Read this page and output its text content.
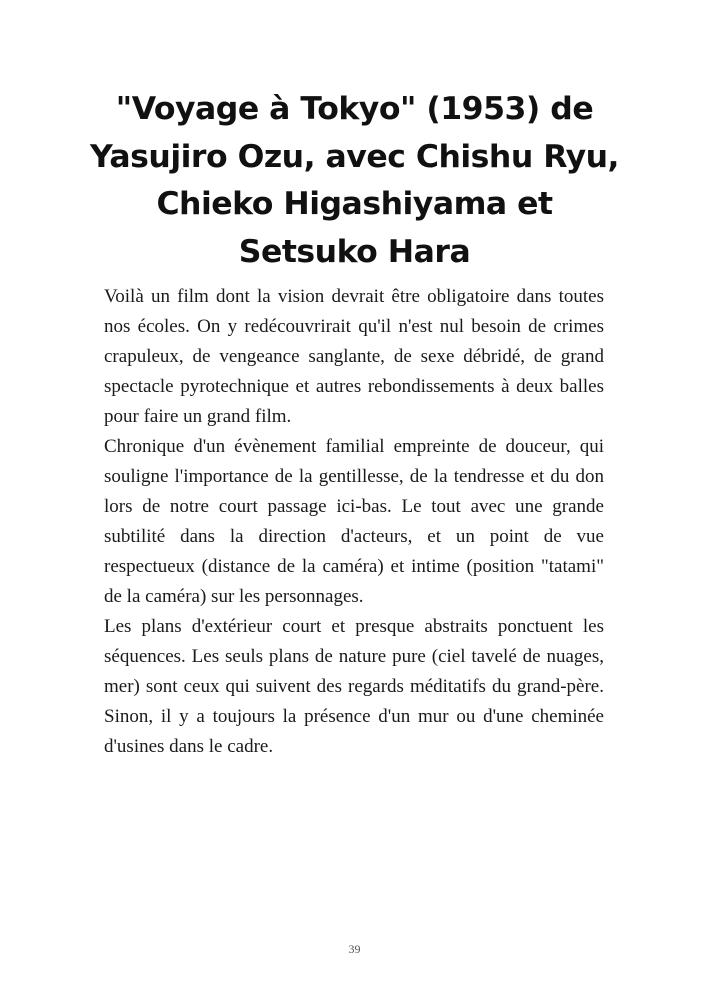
"Voyage à Tokyo" (1953) de
Yasujiro Ozu, avec Chishu Ryu,
Chieko Higashiyama et
Setsuko Hara

Voilà un film dont la vision devrait être obligatoire dans toutes nos écoles. On y redécouvrirait qu'il n'est nul besoin de crimes crapuleux, de vengeance sanglante, de sexe débridé, de grand spectacle pyrotechnique et autres rebondissements à deux balles pour faire un grand film.

Chronique d'un évènement familial empreinte de douceur, qui souligne l'importance de la gentillesse, de la tendresse et du don lors de notre court passage ici-bas. Le tout avec une grande subtilité dans la direction d'acteurs, et un point de vue respectueux (distance de la caméra) et intime (position "tatami" de la caméra) sur les personnages.

Les plans d'extérieur court et presque abstraits ponctuent les séquences. Les seuls plans de nature pure (ciel tavelé de nuages, mer) sont ceux qui suivent des regards méditatifs du grand-père. Sinon, il y a toujours la présence d'un mur ou d'une cheminée d'usines dans le cadre.

39
